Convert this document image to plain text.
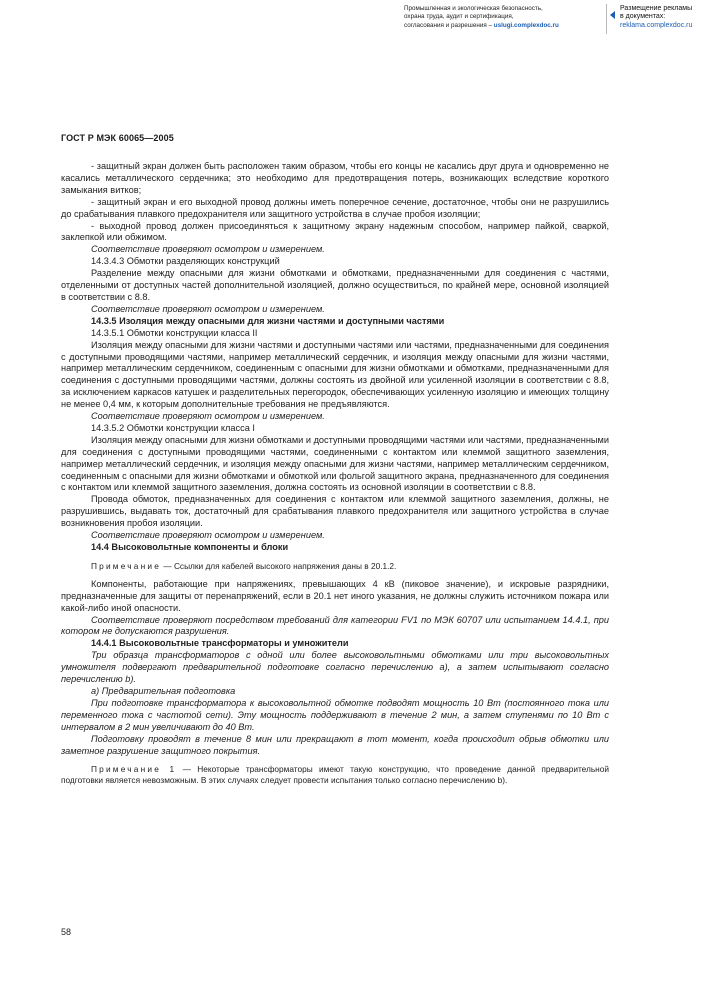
Промышленная и экологическая безопасность,
охрана труда, аудит и сертификация,
согласования и разрешения – uslugi.complexdoc.ru
Размещение рекламы
в документах:
reklama.complexdoc.ru
ГОСТ Р МЭК 60065—2005

- защитный экран должен быть расположен таким образом, чтобы его концы не касались друг друга и одновременно не касались металлического сердечника; это необходимо для предотвращения потерь, возникающих вследствие короткого замыкания витков;

- защитный экран и его выходной провод должны иметь поперечное сечение, достаточное, чтобы они не разрушились до срабатывания плавкого предохранителя или защитного устройства в случае пробоя изоляции;

- выходной провод должен присоединяться к защитному экрану надежным способом, например пайкой, сваркой, заклепкой или обжимом.

Соответствие проверяют осмотром и измерением.

14.3.4.3 Обмотки разделяющих конструкций

Разделение между опасными для жизни обмотками и обмотками, предназначенными для соединения с частями, отделенными от доступных частей дополнительной изоляцией, должно осуществиться, по крайней мере, основной изоляцией в соответствии с 8.8.

Соответствие проверяют осмотром и измерением.

14.3.5 Изоляция между опасными для жизни частями и доступными частями

14.3.5.1 Обмотки конструкции класса II

Изоляция между опасными для жизни частями и доступными частями или частями, предназначенными для соединения с доступными проводящими частями, например металлический сердечник, и изоляция между опасными для жизни частями, например металлическим сердечником, соединенным с опасными для жизни обмотками и обмотками, предназначенными для соединения с доступными проводящими частями, должны состоять из двойной или усиленной изоляции в соответствии с 8.8, за исключением каркасов катушек и разделительных перегородок, обеспечивающих усиленную изоляцию и имеющих толщину не менее 0,4 мм, к которым дополнительные требования не предъявляются.

Соответствие проверяют осмотром и измерением.

14.3.5.2 Обмотки конструкции класса I

Изоляция между опасными для жизни обмотками и доступными проводящими частями или частями, предназначенными для соединения с доступными проводящими частями, соединенными с контактом или клеммой защитного заземления, например металлический сердечник, и изоляция между опасными для жизни частями, например металлическим сердечником, соединенным с опасными для жизни обмотками и обмоткой или фольгой защитного экрана, предназначенного для соединения с контактом или клеммой защитного заземления, должна состоять из основной изоляции в соответствии с 8.8.

Провода обмоток, предназначенных для соединения с контактом или клеммой защитного заземления, должны, не разрушившись, выдавать ток, достаточный для срабатывания плавкого предохранителя или защитного устройства в случае возникновения пробоя изоляции.

Соответствие проверяют осмотром и измерением.

14.4 Высоковольтные компоненты и блоки

Примечание — Ссылки для кабелей высокого напряжения даны в 20.1.2.

Компоненты, работающие при напряжениях, превышающих 4 кВ (пиковое значение), и искровые разрядники, предназначенные для защиты от перенапряжений, если в 20.1 нет иного указания, не должны служить источником пожара или какой-либо иной опасности.

Соответствие проверяют посредством требований для категории FV1 по МЭК 60707 или испытанием 14.4.1, при котором не допускаются разрушения.

14.4.1 Высоковольтные трансформаторы и умножители

Три образца трансформаторов с одной или более высоковольтными обмотками или три высоковольтных умножителя подвергают предварительной подготовке согласно перечислению а), а затем испытывают согласно перечислению b).

а) Предварительная подготовка

При подготовке трансформатора к высоковольтной обмотке подводят мощность 10 Вт (постоянного тока или переменного тока с частотой сети). Эту мощность поддерживают в течение 2 мин, а затем ступенями по 10 Вт с интервалом в 2 мин увеличивают до 40 Вт.

Подготовку проводят в течение 8 мин или прекращают в тот момент, когда происходит обрыв обмотки или заметное разрушение защитного покрытия.

Примечание 1 — Некоторые трансформаторы имеют такую конструкцию, что проведение данной предварительной подготовки является невозможным. В этих случаях следует провести испытания только согласно перечислению b).

58
